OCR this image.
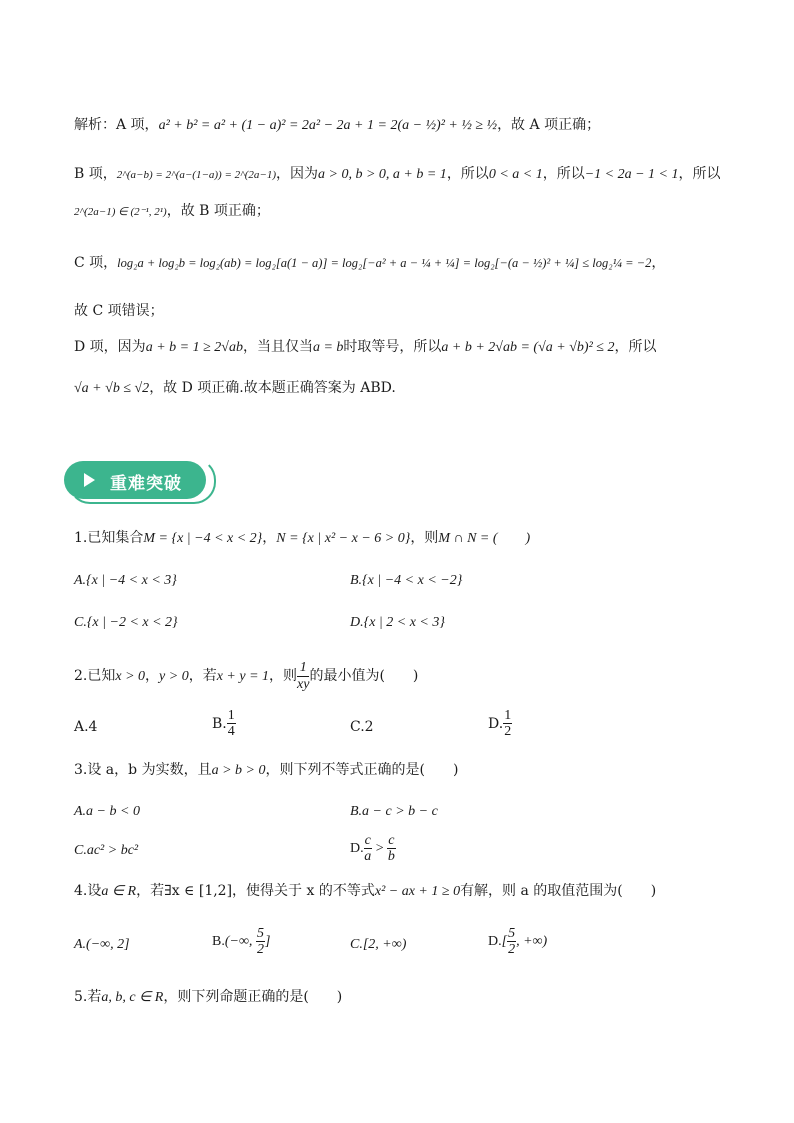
解析：A 项，a² + b² = a² + (1 − a)² = 2a² − 2a + 1 = 2(a − ½)² + ½ ≥ ½，故 A 项正确；
B 项，2^(a−b) = 2^(a−(1−a)) = 2^(2a−1)，因为a > 0, b > 0, a + b = 1，所以0 < a < 1，所以−1 < 2a − 1 < 1，所以
2^(2a−1) ∈ (2⁻¹, 2¹)，故 B 项正确；
C 项，log₂a + log₂b = log₂(ab) = log₂[a(1 − a)] = log₂[−a² + a − ¼ + ¼] = log₂[−(a − ½)² + ¼] ≤ log₂¼ = −2，
故 C 项错误；
D 项，因为a + b = 1 ≥ 2√ab，当且仅当a = b时取等号，所以a + b + 2√ab = (√a + √b)² ≤ 2，所以
√a + √b ≤ √2，故 D 项正确.故本题正确答案为 ABD.
重难突破
1.已知集合M = {x | −4 < x < 2}，N = {x | x² − x − 6 > 0}，则M ∩ N = (　　)
A.{x | −4 < x < 3}	B.{x | −4 < x < −2}
C.{x | −2 < x < 2}	D.{x | 2 < x < 3}
2.已知x > 0，y > 0，若x + y = 1，则 $\frac{1}{xy}$ 的最小值为(　　)
A.4	B. $\frac{1}{4}$	C.2	D. $\frac{1}{2}$
3.设 a，b 为实数，且a > b > 0，则下列不等式正确的是(　　)
A.a − b < 0	B.a − c > b − c
C.ac² > bc²	D. $\frac{c}{a} > \frac{c}{b}$
4.设a ∈ R，若∃x ∈ [1,2]，使得关于 x 的不等式x² − ax + 1 ≥ 0有解，则 a 的取值范围为(　　)
A.(−∞, 2]	B.(−∞, $\frac{5}{2}$ ]	C.[2, +∞)	$D.[ \frac{5}{2}$ , +∞)
5.若a, b, c ∈ R，则下列命题正确的是(　　)
